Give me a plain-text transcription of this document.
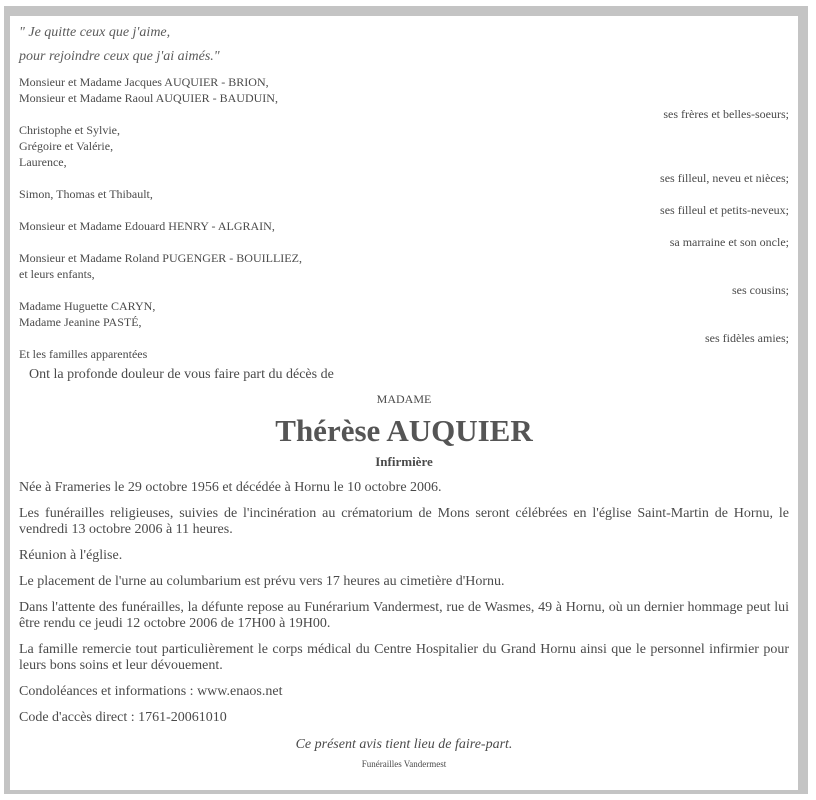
" Je quitte ceux que j'aime,
pour rejoindre ceux que j'ai aimés."
Monsieur et Madame Jacques AUQUIER - BRION,
Monsieur et Madame Raoul AUQUIER - BAUDUIN,
ses frères et belles-soeurs;
Christophe et Sylvie,
Grégoire et Valérie,
Laurence,
ses filleul, neveu et nièces;
Simon, Thomas et Thibault,
ses filleul et petits-neveux;
Monsieur et Madame Edouard HENRY - ALGRAIN,
sa marraine et son oncle;
Monsieur et Madame Roland PUGENGER - BOUILLIEZ,
et leurs enfants,
ses cousins;
Madame Huguette CARYN,
Madame Jeanine PASTÉ,
ses fidèles amies;
Et les familles apparentées
Ont la profonde douleur de vous faire part du décès de
MADAME
Thérèse AUQUIER
Infirmière
Née à Frameries le 29 octobre 1956 et décédée à Hornu le 10 octobre 2006.
Les funérailles religieuses, suivies de l'incinération au crématorium de Mons seront célébrées en l'église Saint-Martin de Hornu, le vendredi 13 octobre 2006 à 11 heures.
Réunion à l'église.
Le placement de l'urne au columbarium est prévu vers 17 heures au cimetière d'Hornu.
Dans l'attente des funérailles, la défunte repose au Funérarium Vandermest, rue de Wasmes, 49 à Hornu, où un dernier hommage peut lui être rendu ce jeudi 12 octobre 2006 de 17H00 à 19H00.
La famille remercie tout particulièrement le corps médical du Centre Hospitalier du Grand Hornu ainsi que le personnel infirmier pour leurs bons soins et leur dévouement.
Condoléances et informations : www.enaos.net
Code d'accès direct : 1761-20061010
Ce présent avis tient lieu de faire-part.
Funérailles Vandermest
